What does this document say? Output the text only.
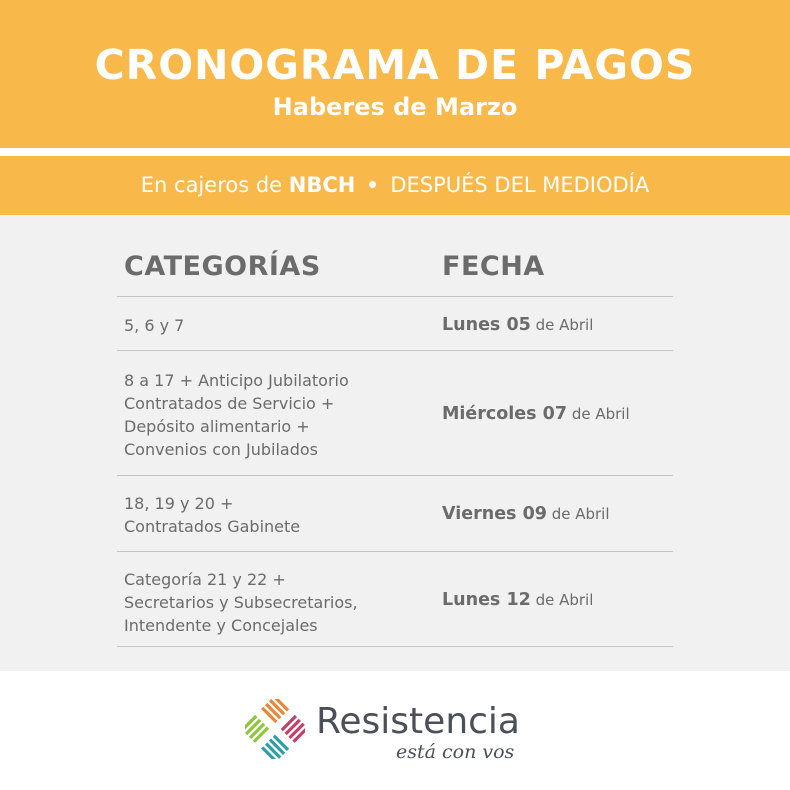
CRONOGRAMA DE PAGOS
Haberes de Marzo
En cajeros de NBCH DESPUÉS DEL MEDIODÍA
CATEGORÍAS	FECHA
5, 6 y 7	Lunes 05 de Abril
8 a 17 + Anticipo Jubilatorio
Contratados de Servicio +
Depósito alimentario +
Convenios con Jubilados
Miércoles 07 de Abril
18, 19 y 20 +
Contratados Gabinete
Viernes 09 de Abril
Categoría 21 y 22 +
Secretarios y Subsecretarios,
Intendente y Concejales
Lunes 12 de Abril
Resistencia
está con vos
